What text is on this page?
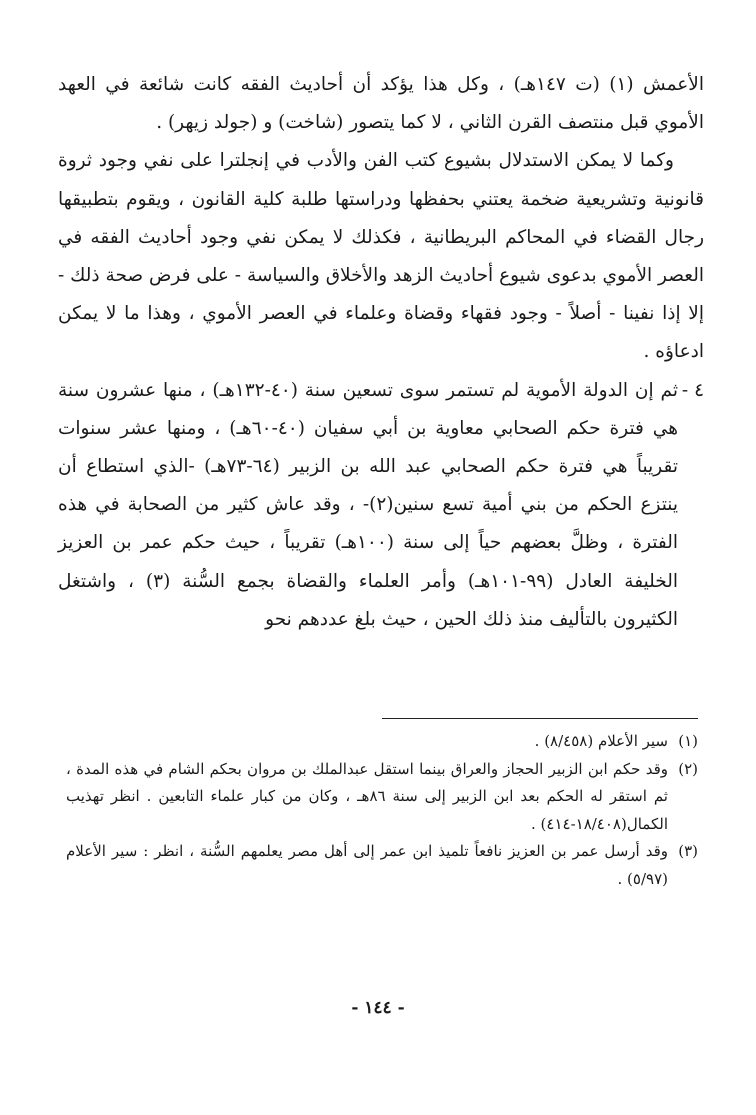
الأعمش (١) (ت ١٤٧هـ) ، وكل هذا يؤكد أن أحاديث الفقه كانت شائعة في العهد الأموي قبل منتصف القرن الثاني ، لا كما يتصور (شاخت) و (جولد زيهر) .

وكما لا يمكن الاستدلال بشيوع كتب الفن والأدب في إنجلترا على نفي وجود ثروة قانونية وتشريعية ضخمة يعتني بحفظها ودراستها طلبة كلية القانون ، ويقوم بتطبيقها رجال القضاء في المحاكم البريطانية ، فكذلك لا يمكن نفي وجود أحاديث الفقه في العصر الأموي بدعوى شيوع أحاديث الزهد والأخلاق والسياسة - على فرض صحة ذلك - إلا إذا نفينا - أصلاً - وجود فقهاء وقضاة وعلماء في العصر الأموي ، وهذا ما لا يمكن ادعاؤه .

٤ -
ثم إن الدولة الأموية لم تستمر سوى تسعين سنة (٤٠-١٣٢هـ) ، منها عشرون سنة هي فترة حكم الصحابي معاوية بن أبي سفيان (٤٠-٦٠هـ) ، ومنها عشر سنوات تقريباً هي فترة حكم الصحابي عبد الله بن الزبير (٦٤-٧٣هـ) -الذي استطاع أن ينتزع الحكم من بني أمية تسع سنين(٢)- ، وقد عاش كثير من الصحابة في هذه الفترة ، وظلَّ بعضهم حياً إلى سنة (١٠٠هـ) تقريباً ، حيث حكم عمر بن العزيز الخليفة العادل (٩٩-١٠١هـ) وأمر العلماء والقضاة بجمع السُّنة (٣) ، واشتغل الكثيرون بالتأليف منذ ذلك الحين ، حيث بلغ عددهم نحو

(١)
سير الأعلام (٨/٤٥٨) .

(٢)
وقد حكم ابن الزبير الحجاز والعراق بينما استقل عبدالملك بن مروان بحكم الشام في هذه المدة ، ثم استقر له الحكم بعد ابن الزبير إلى سنة ٨٦هـ ، وكان من كبار علماء التابعين . انظر تهذيب الكمال(١٨/٤٠٨-٤١٤) .

(٣)
وقد أرسل عمر بن العزيز نافعاً تلميذ ابن عمر إلى أهل مصر يعلمهم السُّنة ، انظر : سير الأعلام (٥/٩٧) .

- ١٤٤ -
